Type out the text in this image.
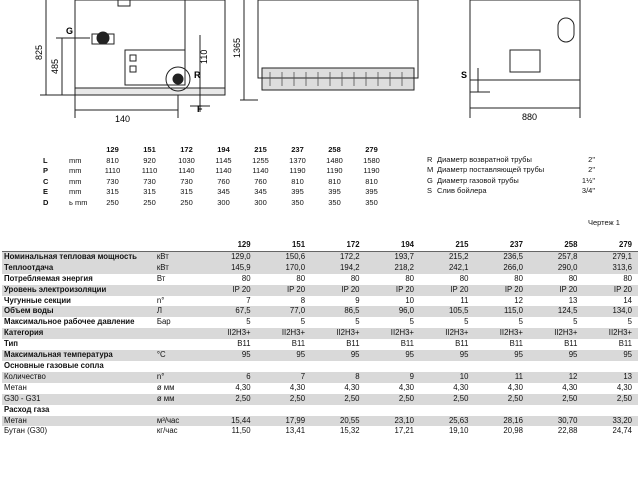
825
485
1365
110
140	880
G
R
F
S
		129	151	172	194	215	237	258	279
L	mm	810	920	1030	1145	1255	1370	1480	1580
P	mm	1110	1110	1140	1140	1140	1190	1190	1190
C	mm	730	730	730	760	760	810	810	810
E	mm	315	315	315	345	345	395	395	395
D	ь mm	250	250	250	300	300	350	350	350
R Диаметр возвратной трубы	2"
M Диаметр поставляющей трубы	2"
G Диаметр газовой трубы	1½"
S Слив бойлера	3/4"
Чертеж 1
		129	151	172	194	215	237	258	279
Номинальная тепловая мощность	кВт	129,0	150,6	172,2	193,7	215,2	236,5	257,8	279,1
Теплоотдача	кВт	145,9	170,0	194,2	218,2	242,1	266,0	290,0	313,6
Потребляемая энергия	Вт	80	80	80	80	80	80	80	80
Уровень электроизоляции		IP 20	IP 20	IP 20	IP 20	IP 20	IP 20	IP 20	IP 20
Чугунные секции	n°	7	8	9	10	11	12	13	14
Объем воды	Л	67,5	77,0	86,5	96,0	105,5	115,0	124,5	134,0
Максимальное рабочее давление	Бар	5	5	5	5	5	5	5	5
Категория		II2H3+	II2H3+	II2H3+	II2H3+	II2H3+	II2H3+	II2H3+	II2H3+
Тип		B11	B11	B11	B11	B11	B11	B11	B11
Максимальная температура	°C	95	95	95	95	95	95	95	95
Основные газовые сопла									
Количество	n°	6	7	8	9	10	11	12	13
Метан	ø мм	4,30	4,30	4,30	4,30	4,30	4,30	4,30	4,30
G30 - G31	ø мм	2,50	2,50	2,50	2,50	2,50	2,50	2,50	2,50
Расход газа									
Метан	м³/час	15,44	17,99	20,55	23,10	25,63	28,16	30,70	33,20
Бутан (G30)	кг/час	11,50	13,41	15,32	17,21	19,10	20,98	22,88	24,74
